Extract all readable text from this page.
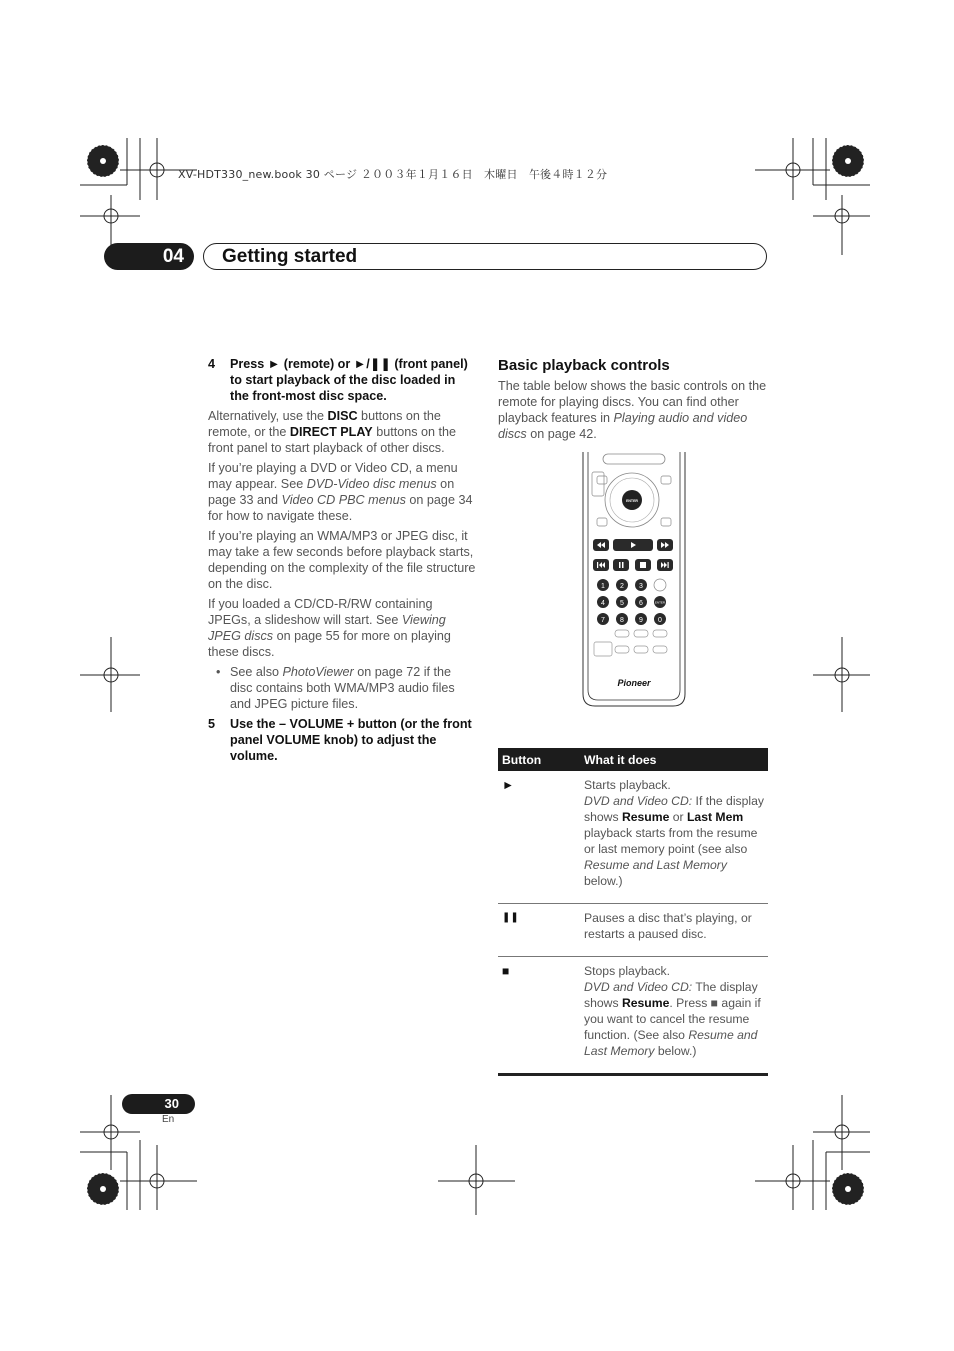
XV-HDT330_new.book 30 ページ ２００３年１月１６日　木曜日　午後４時１２分
04	Getting started

4	Press ► (remote) or ►/❚❚ (front panel) to start playback of the disc loaded in the front-most disc space.

Alternatively, use the DISC buttons on the remote, or the DIRECT PLAY buttons on the front panel to start playback of other discs.

If you’re playing a DVD or Video CD, a menu may appear. See DVD-Video disc menus on page 33 and Video CD PBC menus on page 34 for how to navigate these.

If you’re playing an WMA/MP3 or JPEG disc, it may take a few seconds before playback starts, depending on the complexity of the file structure on the disc.

If you loaded a CD/CD-R/RW containing JPEGs, a slideshow will start. See Viewing JPEG discs on page 55 for more on playing these discs.

• See also PhotoViewer on page 72 if the disc contains both WMA/MP3 audio files and JPEG picture files.

5	Use the – VOLUME + button (or the front panel VOLUME knob) to adjust the volume.

Basic playback controls

The table below shows the basic controls on the remote for playing discs. You can find other playback features in Playing audio and video discs on page 42.

ENTER
1 2 3
4 5 6	ENTER
7 8 9 0
Pioneer
Button	What it does
►	Starts playback.
DVD and Video CD: If the display shows Resume or Last Mem playback starts from the resume or last memory point (see also Resume and Last Memory below.)
❚❚	Pauses a disc that’s playing, or restarts a paused disc.
■	Stops playback.
DVD and Video CD: The display shows Resume. Press ■ again if you want to cancel the resume function. (See also Resume and Last Memory below.)
30
En
